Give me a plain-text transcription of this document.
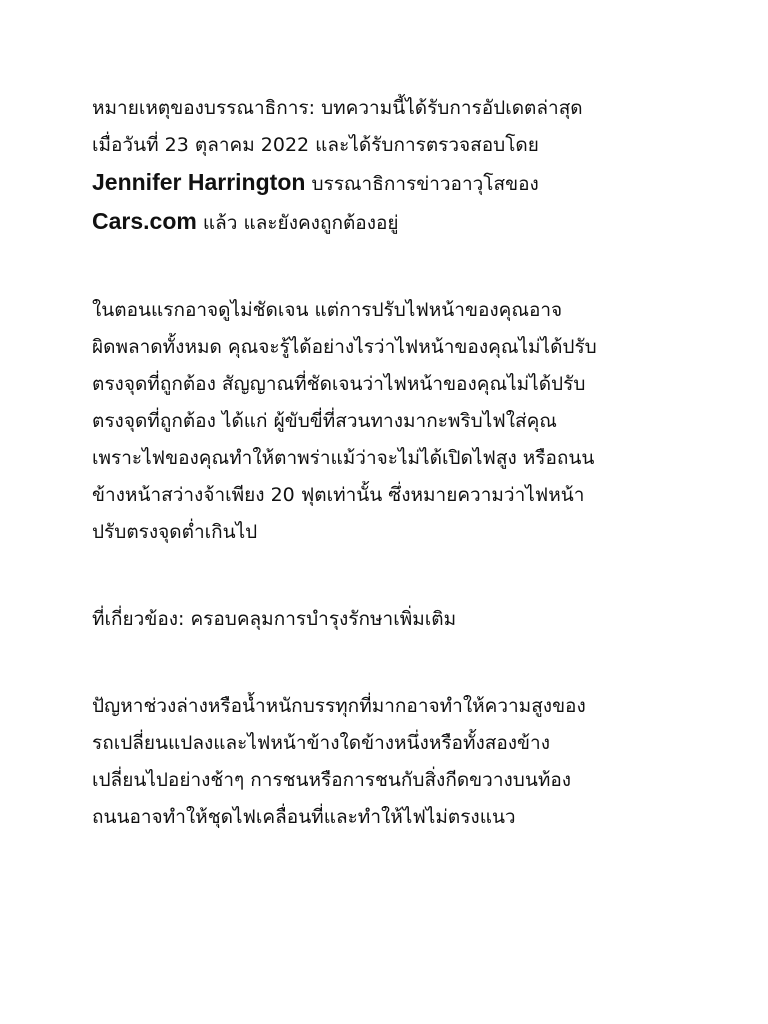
หมายเหตุของบรรณาธิการ: บทความนี้ได้รับการอัปเดตล่าสุด
เมื่อวันที่ 23 ตุลาคม 2022 และได้รับการตรวจสอบโดย
Jennifer Harrington บรรณาธิการข่าวอาวุโสของ
Cars.com แล้ว และยังคงถูกต้องอยู่

ในตอนแรกอาจดูไม่ชัดเจน แต่การปรับไฟหน้าของคุณอาจ
ผิดพลาดทั้งหมด คุณจะรู้ได้อย่างไรว่าไฟหน้าของคุณไม่ได้ปรับ
ตรงจุดที่ถูกต้อง สัญญาณที่ชัดเจนว่าไฟหน้าของคุณไม่ได้ปรับ
ตรงจุดที่ถูกต้อง ได้แก่ ผู้ขับขี่ที่สวนทางมากะพริบไฟใส่คุณ
เพราะไฟของคุณทำให้ตาพร่าแม้ว่าจะไม่ได้เปิดไฟสูง หรือถนน
ข้างหน้าสว่างจ้าเพียง 20 ฟุตเท่านั้น ซึ่งหมายความว่าไฟหน้า
ปรับตรงจุดต่ำเกินไป

ที่เกี่ยวข้อง: ครอบคลุมการบำรุงรักษาเพิ่มเติม

ปัญหาช่วงล่างหรือน้ำหนักบรรทุกที่มากอาจทำให้ความสูงของ
รถเปลี่ยนแปลงและไฟหน้าข้างใดข้างหนึ่งหรือทั้งสองข้าง
เปลี่ยนไปอย่างช้าๆ การชนหรือการชนกับสิ่งกีดขวางบนท้อง
ถนนอาจทำให้ชุดไฟเคลื่อนที่และทำให้ไฟไม่ตรงแนว
